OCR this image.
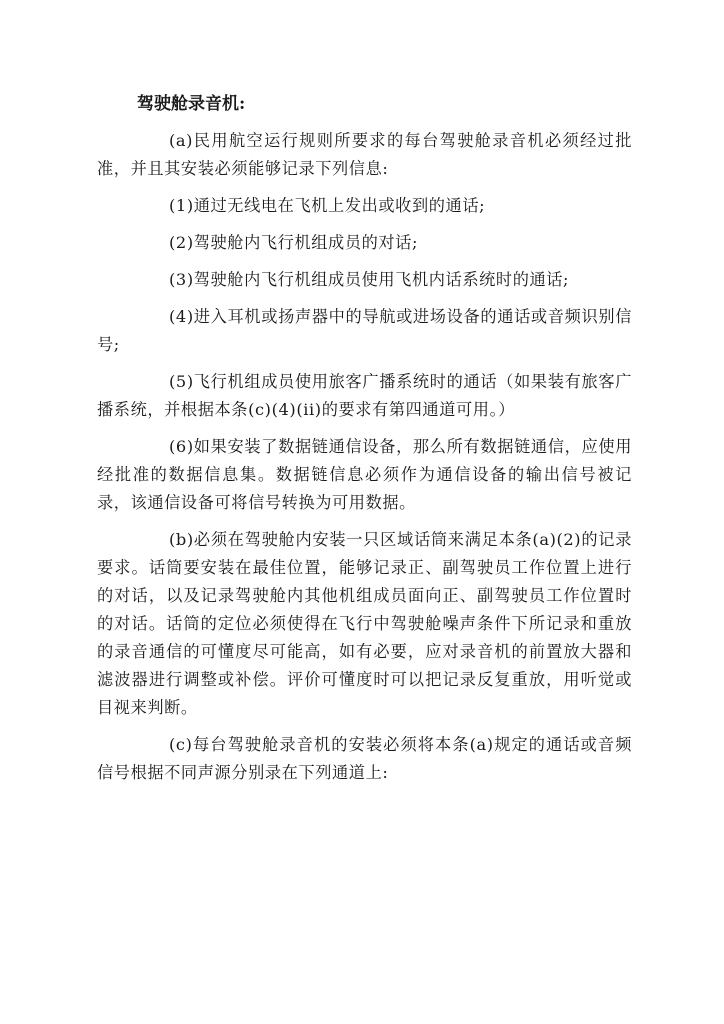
驾驶舱录音机:

(a)民用航空运行规则所要求的每台驾驶舱录音机必须经过批准，并且其安装必须能够记录下列信息:

(1)通过无线电在飞机上发出或收到的通话;

(2)驾驶舱内飞行机组成员的对话;

(3)驾驶舱内飞行机组成员使用飞机内话系统时的通话;

(4)进入耳机或扬声器中的导航或进场设备的通话或音频识别信号;

(5)飞行机组成员使用旅客广播系统时的通话（如果装有旅客广播系统，并根据本条(c)(4)(ii)的要求有第四通道可用。）

(6)如果安装了数据链通信设备，那么所有数据链通信，应使用经批准的数据信息集。数据链信息必须作为通信设备的输出信号被记录，该通信设备可将信号转换为可用数据。

(b)必须在驾驶舱内安装一只区域话筒来满足本条(a)(2)的记录要求。话筒要安装在最佳位置，能够记录正、副驾驶员工作位置上进行的对话，以及记录驾驶舱内其他机组成员面向正、副驾驶员工作位置时的对话。话筒的定位必须使得在飞行中驾驶舱噪声条件下所记录和重放的录音通信的可懂度尽可能高，如有必要，应对录音机的前置放大器和滤波器进行调整或补偿。评价可懂度时可以把记录反复重放，用听觉或目视来判断。

(c)每台驾驶舱录音机的安装必须将本条(a)规定的通话或音频信号根据不同声源分别录在下列通道上:
